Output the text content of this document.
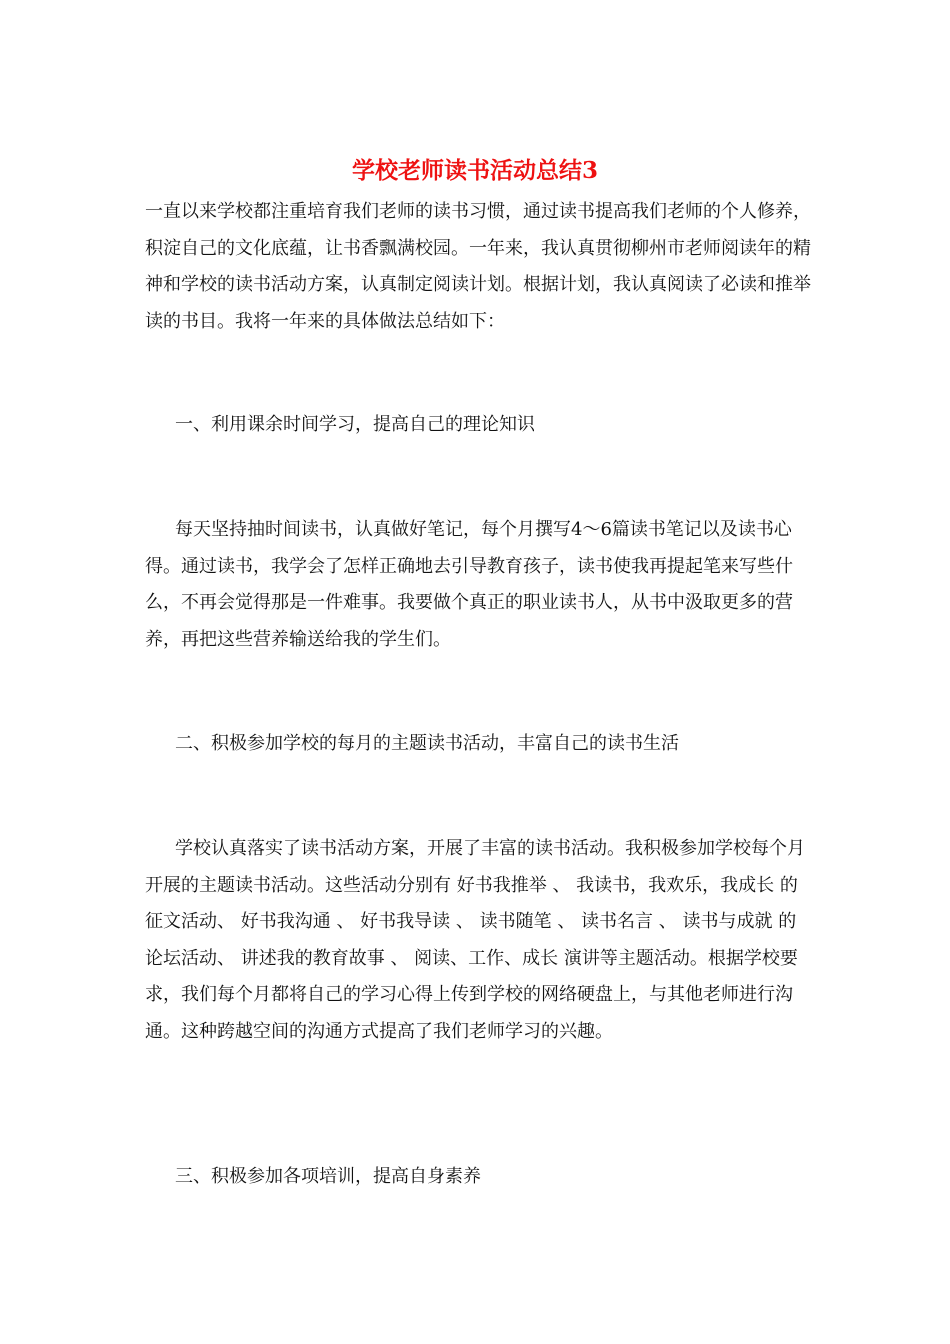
学校老师读书活动总结3

一直以来学校都注重培育我们老师的读书习惯，通过读书提高我们老师的个人修养，积淀自己的文化底蕴，让书香飘满校园。一年来，我认真贯彻柳州市老师阅读年的精神和学校的读书活动方案，认真制定阅读计划。根据计划，我认真阅读了必读和推举读的书目。我将一年来的具体做法总结如下：

一、利用课余时间学习，提高自己的理论知识

每天坚持抽时间读书，认真做好笔记，每个月撰写4～6篇读书笔记以及读书心得。通过读书，我学会了怎样正确地去引导教育孩子，读书使我再提起笔来写些什么，不再会觉得那是一件难事。我要做个真正的职业读书人，从书中汲取更多的营养，再把这些营养输送给我的学生们。

二、积极参加学校的每月的主题读书活动，丰富自己的读书生活

学校认真落实了读书活动方案，开展了丰富的读书活动。我积极参加学校每个月开展的主题读书活动。这些活动分别有 好书我推举 、 我读书，我欢乐，我成长 的征文活动、 好书我沟通 、 好书我导读 、 读书随笔 、 读书名言 、 读书与成就 的论坛活动、 讲述我的教育故事 、 阅读、工作、成长 演讲等主题活动。根据学校要求，我们每个月都将自己的学习心得上传到学校的网络硬盘上，与其他老师进行沟通。这种跨越空间的沟通方式提高了我们老师学习的兴趣。

三、积极参加各项培训，提高自身素养
